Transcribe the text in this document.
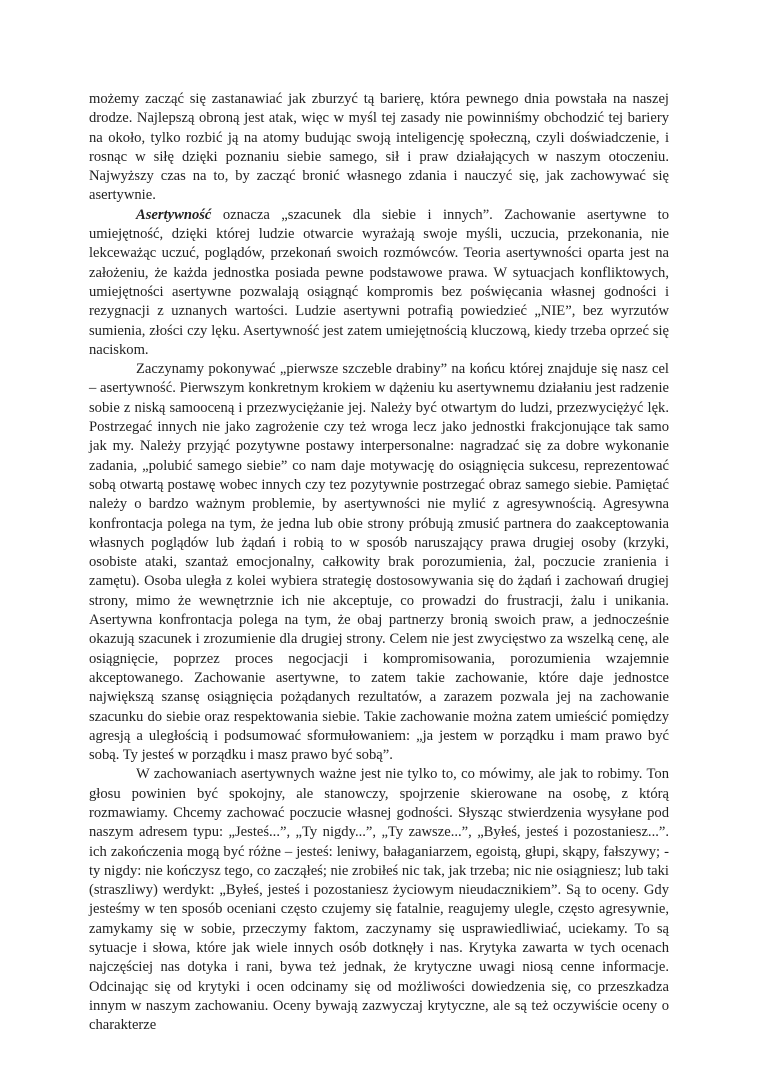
możemy zacząć się zastanawiać jak zburzyć tą barierę, która pewnego dnia powstała na naszej drodze. Najlepszą obroną jest atak, więc w myśl tej zasady nie powinniśmy obchodzić tej bariery na około, tylko rozbić ją na atomy budując swoją inteligencję społeczną, czyli doświadczenie, i rosnąc w siłę dzięki poznaniu siebie samego, sił i praw działających w naszym otoczeniu. Najwyższy czas na to, by zacząć bronić własnego zdania i nauczyć się, jak zachowywać się asertywnie.

Asertywność oznacza „szacunek dla siebie i innych”. Zachowanie asertywne to umiejętność, dzięki której ludzie otwarcie wyrażają swoje myśli, uczucia, przekonania, nie lekceważąc uczuć, poglądów, przekonań swoich rozmówców. Teoria asertywności oparta jest na założeniu, że każda jednostka posiada pewne podstawowe prawa. W sytuacjach konfliktowych, umiejętności asertywne pozwalają osiągnąć kompromis bez poświęcania własnej godności i rezygnacji z uznanych wartości. Ludzie asertywni potrafią powiedzieć „NIE”, bez wyrzutów sumienia, złości czy lęku. Asertywność jest zatem umiejętnością kluczową, kiedy trzeba oprzeć się naciskom.

Zaczynamy pokonywać „pierwsze szczeble drabiny” na końcu której znajduje się nasz cel – asertywność. Pierwszym konkretnym krokiem w dążeniu ku asertywnemu działaniu jest radzenie sobie z niską samooceną i przezwyciężanie jej. Należy być otwartym do ludzi, przezwyciężyć lęk. Postrzegać innych nie jako zagrożenie czy też wroga lecz jako jednostki frakcjonujące tak samo jak my. Należy przyjąć pozytywne postawy interpersonalne: nagradzać się za dobre wykonanie zadania, „polubić samego siebie” co nam daje motywację do osiągnięcia sukcesu, reprezentować sobą otwartą postawę wobec innych czy tez pozytywnie postrzegać obraz samego siebie. Pamiętać należy o bardzo ważnym problemie, by asertywności nie mylić z agresywnością. Agresywna konfrontacja polega na tym, że jedna lub obie strony próbują zmusić partnera do zaakceptowania własnych poglądów lub żądań i robią to w sposób naruszający prawa drugiej osoby (krzyki, osobiste ataki, szantaż emocjonalny, całkowity brak porozumienia, żal, poczucie zranienia i zamętu). Osoba uległa z kolei wybiera strategię dostosowywania się do żądań i zachowań drugiej strony, mimo że wewnętrznie ich nie akceptuje, co prowadzi do frustracji, żalu i unikania. Asertywna konfrontacja polega na tym, że obaj partnerzy bronią swoich praw, a jednocześnie okazują szacunek i zrozumienie dla drugiej strony. Celem nie jest zwycięstwo za wszelką cenę, ale osiągnięcie, poprzez proces negocjacji i kompromisowania, porozumienia wzajemnie akceptowanego. Zachowanie asertywne, to zatem takie zachowanie, które daje jednostce największą szansę osiągnięcia pożądanych rezultatów, a zarazem pozwala jej na zachowanie szacunku do siebie oraz respektowania siebie. Takie zachowanie można zatem umieścić pomiędzy agresją a uległością i podsumować sformułowaniem: „ja jestem w porządku i mam prawo być sobą. Ty jesteś w porządku i masz prawo być sobą”.

W zachowaniach asertywnych ważne jest nie tylko to, co mówimy, ale jak to robimy. Ton głosu powinien być spokojny, ale stanowczy, spojrzenie skierowane na osobę, z którą rozmawiamy. Chcemy zachować poczucie własnej godności. Słysząc stwierdzenia wysyłane pod naszym adresem typu: „Jesteś...”, „Ty nigdy...”, „Ty zawsze...”, „Byłeś, jesteś i pozostaniesz...”. ich zakończenia mogą być różne – jesteś: leniwy, bałaganiarzem, egoistą, głupi, skąpy, fałszywy; - ty nigdy: nie kończysz tego, co zacząłeś; nie zrobiłeś nic tak, jak trzeba; nic nie osiągniesz; lub taki (straszliwy) werdykt: „Byłeś, jesteś i pozostaniesz życiowym nieudacznikiem”. Są to oceny. Gdy jesteśmy w ten sposób oceniani często czujemy się fatalnie, reagujemy ulegle, często agresywnie, zamykamy się w sobie, przeczymy faktom, zaczynamy się usprawiedliwiać, uciekamy. To są sytuacje i słowa, które jak wiele innych osób dotknęły i nas. Krytyka zawarta w tych ocenach najczęściej nas dotyka i rani, bywa też jednak, że krytyczne uwagi niosą cenne informacje. Odcinając się od krytyki i ocen odcinamy się od możliwości dowiedzenia się, co przeszkadza innym w naszym zachowaniu. Oceny bywają zazwyczaj krytyczne, ale są też oczywiście oceny o charakterze
